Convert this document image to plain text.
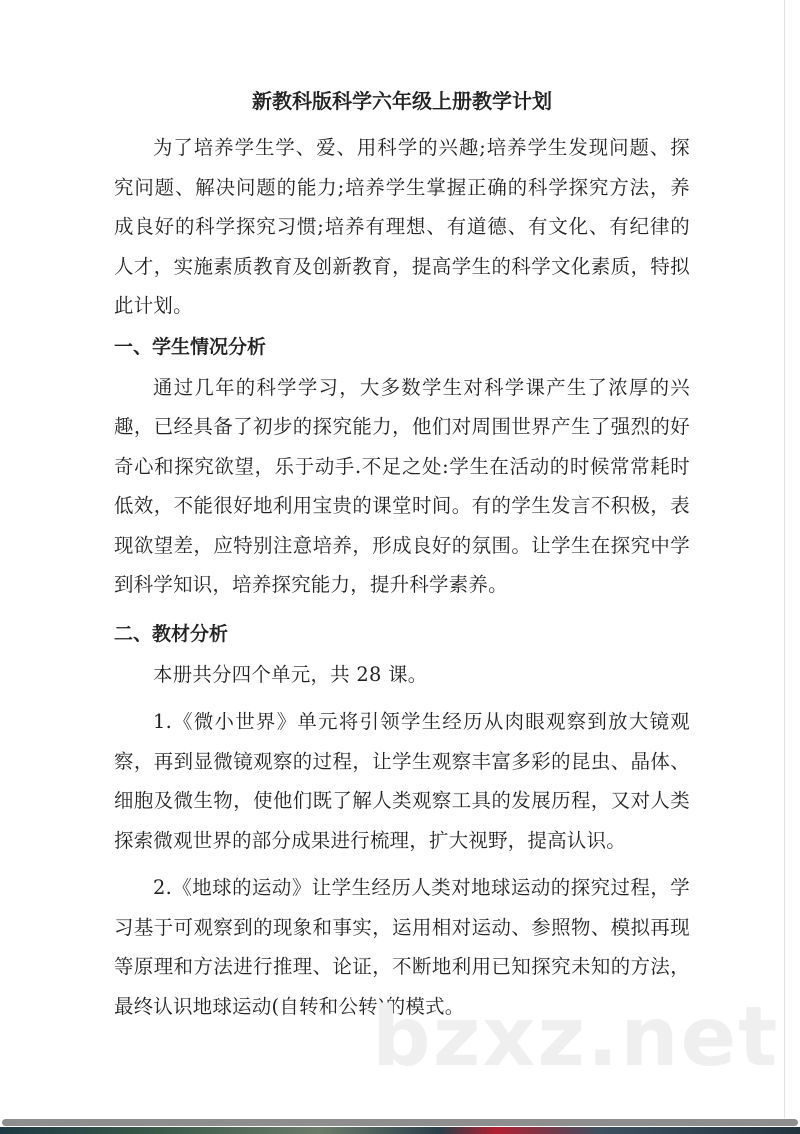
新教科版科学六年级上册教学计划

为了培养学生学、爱、用科学的兴趣;培养学生发现问题、探究问题、解决问题的能力;培养学生掌握正确的科学探究方法，养成良好的科学探究习惯;培养有理想、有道德、有文化、有纪律的人才，实施素质教育及创新教育，提高学生的科学文化素质，特拟此计划。

一、学生情况分析

通过几年的科学学习，大多数学生对科学课产生了浓厚的兴趣，已经具备了初步的探究能力，他们对周围世界产生了强烈的好奇心和探究欲望，乐于动手.不足之处:学生在活动的时候常常耗时低效，不能很好地利用宝贵的课堂时间。有的学生发言不积极，表现欲望差，应特别注意培养，形成良好的氛围。让学生在探究中学到科学知识，培养探究能力，提升科学素养。

二、教材分析

本册共分四个单元，共 28 课。

1.《微小世界》单元将引领学生经历从肉眼观察到放大镜观察，再到显微镜观察的过程，让学生观察丰富多彩的昆虫、晶体、细胞及微生物，使他们既了解人类观察工具的发展历程，又对人类探索微观世界的部分成果进行梳理，扩大视野，提高认识。

2.《地球的运动》让学生经历人类对地球运动的探究过程，学习基于可观察到的现象和事实，运用相对运动、参照物、模拟再现等原理和方法进行推理、论证，不断地利用已知探究未知的方法，最终认识地球运动(自转和公转)的模式。

bzxz.net
